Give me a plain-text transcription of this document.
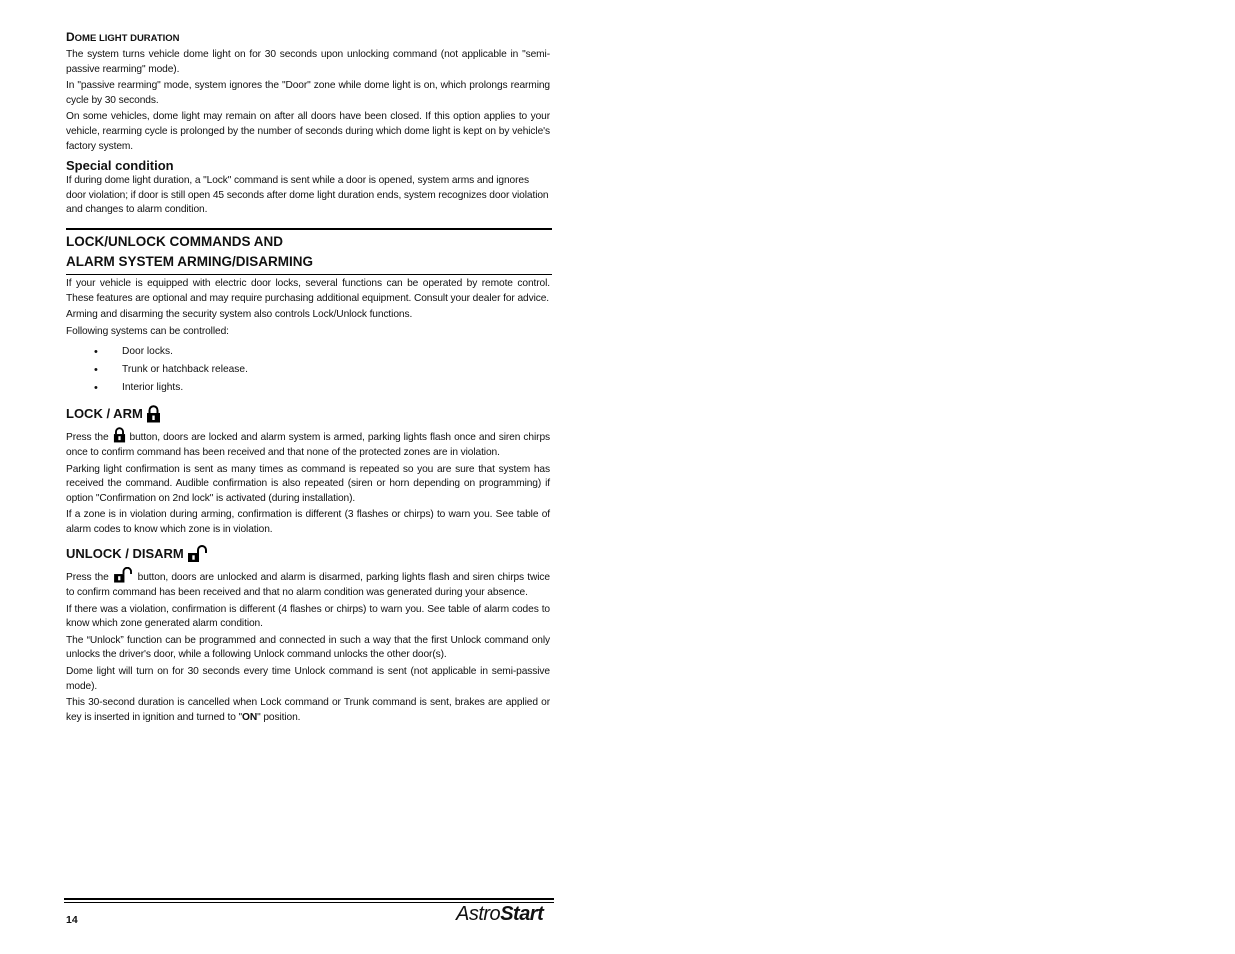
DOME LIGHT DURATION

The system turns vehicle dome light on for 30 seconds upon unlocking command (not applicable in "semi-passive rearming" mode).

In "passive rearming" mode, system ignores the "Door" zone while dome light is on, which prolongs rearming cycle by 30 seconds.

On some vehicles, dome light may remain on after all doors have been closed. If this option applies to your vehicle, rearming cycle is prolonged by the number of seconds during which dome light is kept on by vehicle's factory system.

Special condition

If during dome light duration, a "Lock" command is sent while a door is opened, system arms and ignores door violation; if door is still open 45 seconds after dome light duration ends, system recognizes door violation and changes to alarm condition.

LOCK/UNLOCK COMMANDS AND
ALARM SYSTEM ARMING/DISARMING

If your vehicle is equipped with electric door locks, several functions can be operated by remote control. These features are optional and may require purchasing additional equipment. Consult your dealer for advice.

Arming and disarming the security system also controls Lock/Unlock functions.

Following systems can be controlled:

• Door locks.
• Trunk or hatchback release.
• Interior lights.
LOCK / ARM

Press the button, doors are locked and alarm system is armed, parking lights flash once and siren chirps once to confirm command has been received and that none of the protected zones are in violation.

Parking light confirmation is sent as many times as command is repeated so you are sure that system has received the command. Audible confirmation is also repeated (siren or horn depending on programming) if option "Confirmation on 2nd lock" is activated (during installation).

If a zone is in violation during arming, confirmation is different (3 flashes or chirps) to warn you. See table of alarm codes to know which zone is in violation.

UNLOCK / DISARM

Press the	button, doors are unlocked and alarm is disarmed, parking lights flash and siren chirps twice to confirm command has been received and that no alarm condition was generated during your absence.

If there was a violation, confirmation is different (4 flashes or chirps) to warn you. See table of alarm codes to know which zone generated alarm condition.

The “Unlock” function can be programmed and connected in such a way that the first Unlock command only unlocks the driver's door, while a following Unlock command unlocks the other door(s).

Dome light will turn on for 30 seconds every time Unlock command is sent (not applicable in semi-passive mode).

This 30-second duration is cancelled when Lock command or Trunk command is sent, brakes are applied or key is inserted in ignition and turned to "ON" position.

14	AstroStart
